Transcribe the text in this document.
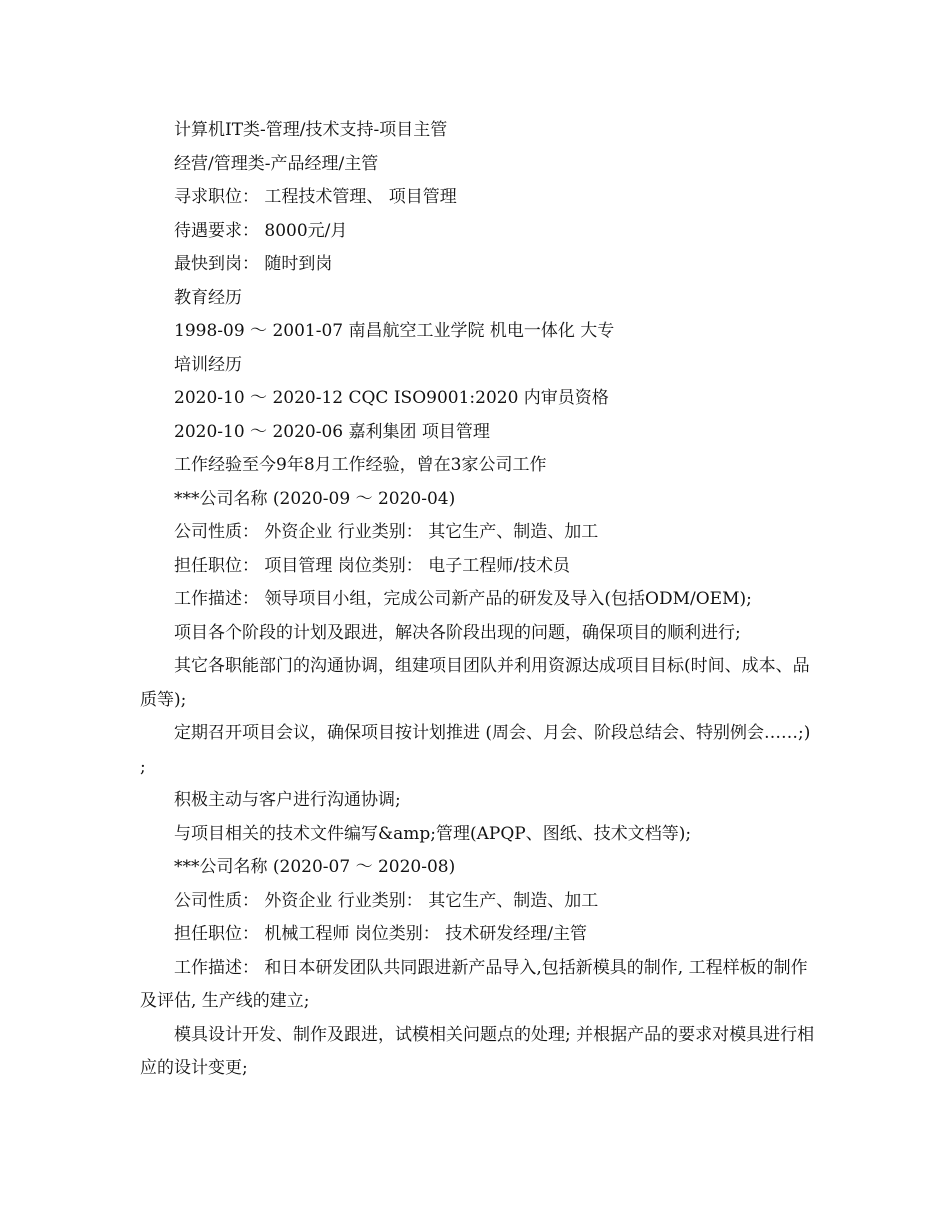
计算机IT类-管理/技术支持-项目主管

经营/管理类-产品经理/主管

寻求职位： 工程技术管理、 项目管理

待遇要求： 8000元/月

最快到岗： 随时到岗

教育经历

1998-09 ～ 2001-07 南昌航空工业学院 机电一体化 大专

培训经历

2020-10 ～ 2020-12 CQC ISO9001:2020 内审员资格

2020-10 ～ 2020-06 嘉利集团 项目管理

工作经验至今9年8月工作经验，曾在3家公司工作

***公司名称 (2020-09 ～ 2020-04)

公司性质： 外资企业 行业类别： 其它生产、制造、加工

担任职位： 项目管理 岗位类别： 电子工程师/技术员

工作描述： 领导项目小组，完成公司新产品的研发及导入(包括ODM/OEM);

项目各个阶段的计划及跟进，解决各阶段出现的问题，确保项目的顺利进行;

其它各职能部门的沟通协调，组建项目团队并利用资源达成项目目标(时间、成本、品质等);

定期召开项目会议，确保项目按计划推进 (周会、月会、阶段总结会、特别例会……;) ;

积极主动与客户进行沟通协调;

与项目相关的技术文件编写&amp;管理(APQP、图纸、技术文档等);

***公司名称 (2020-07 ～ 2020-08)

公司性质： 外资企业 行业类别： 其它生产、制造、加工

担任职位： 机械工程师 岗位类别： 技术研发经理/主管

工作描述： 和日本研发团队共同跟进新产品导入,包括新模具的制作, 工程样板的制作及评估, 生产线的建立;

模具设计开发、制作及跟进，试模相关问题点的处理; 并根据产品的要求对模具进行相应的设计变更;
